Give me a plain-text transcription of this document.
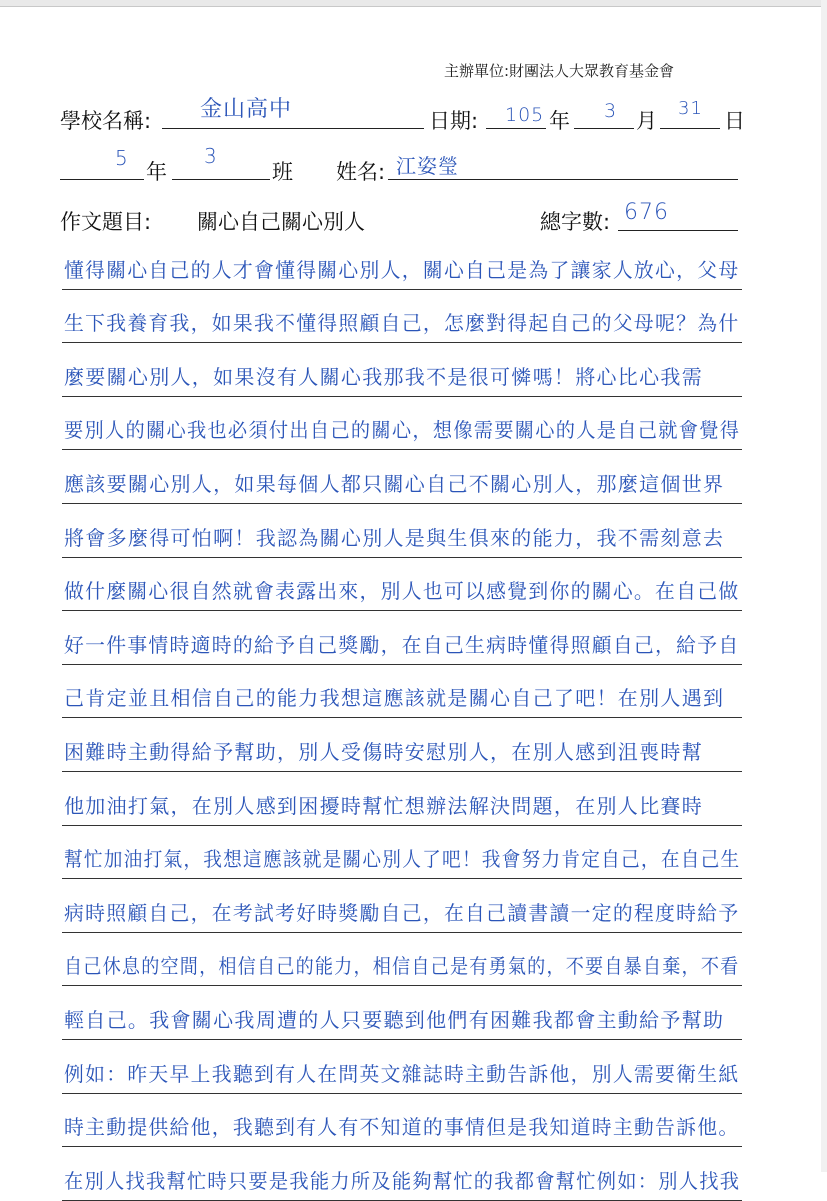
主辦單位:財團法人大眾教育基金會
學校名稱: 金山高中	日期: 105 年 3 月
31
日
5
年
3
班 姓名: 江姿瑩
作文題目: 關心自己關心別人	總字數: 676
懂得關心自己的人才會懂得關心別人，關心自己是為了讓家人放心，父母
生下我養育我，如果我不懂得照顧自己，怎麼對得起自己的父母呢？為什
麼要關心別人，如果沒有人關心我那我不是很可憐嗎！將心比心我需
要別人的關心我也必須付出自己的關心，想像需要關心的人是自己就會覺得
應該要關心別人，如果每個人都只關心自己不關心別人，那麼這個世界
將會多麼得可怕啊！我認為關心別人是與生俱來的能力，我不需刻意去
做什麼關心很自然就會表露出來，別人也可以感覺到你的關心。在自己做
好一件事情時適時的給予自己獎勵，在自己生病時懂得照顧自己，給予自
己肯定並且相信自己的能力我想這應該就是關心自己了吧！在別人遇到
困難時主動得給予幫助，別人受傷時安慰別人，在別人感到沮喪時幫
他加油打氣，在別人感到困擾時幫忙想辦法解決問題，在別人比賽時
幫忙加油打氣，我想這應該就是關心別人了吧！我會努力肯定自己，在自己生
病時照顧自己，在考試考好時獎勵自己，在自己讀書讀一定的程度時給予
自己休息的空間，相信自己的能力，相信自己是有勇氣的，不要自暴自棄，不看
輕自己。我會關心我周遭的人只要聽到他們有困難我都會主動給予幫助
例如：昨天早上我聽到有人在問英文雜誌時主動告訴他，別人需要衛生紙
時主動提供給他，我聽到有人有不知道的事情但是我知道時主動告訴他。
在別人找我幫忙時只要是我能力所及能夠幫忙的我都會幫忙例如：別人找我
